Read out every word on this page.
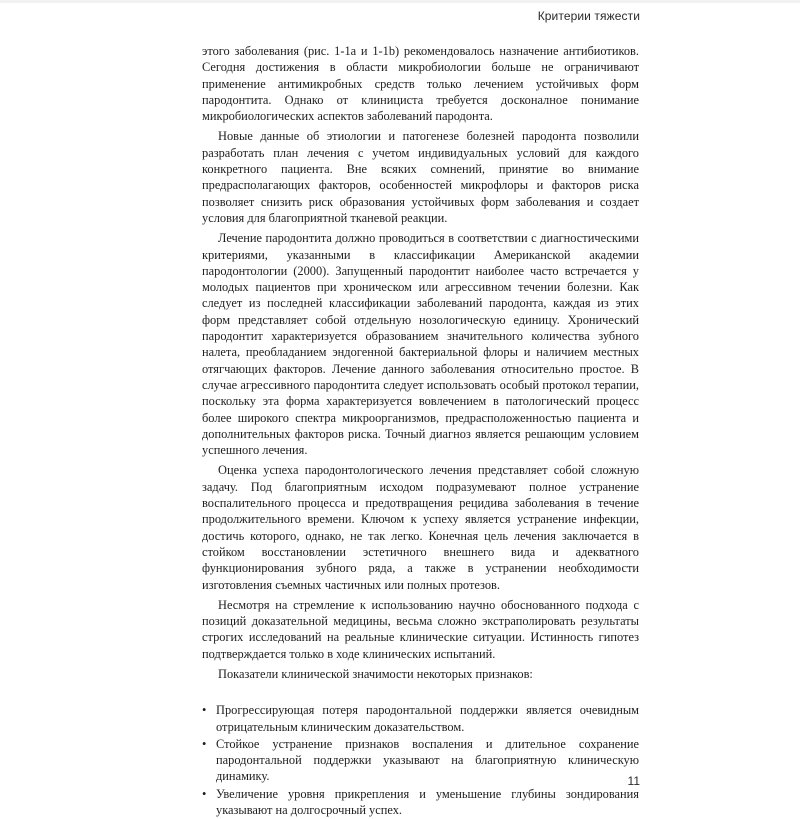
Критерии тяжести

этого заболевания (рис. 1-1a и 1-1b) рекомендовалось назначение антибиотиков. Сегодня достижения в области микробиологии больше не ограничивают применение антимикробных средств только лечением устойчивых форм пародонтита. Однако от клинициста требуется досконалное понимание микробиологических аспектов заболеваний пародонта.

Новые данные об этиологии и патогенезе болезней пародонта позволили разработать план лечения с учетом индивидуальных условий для каждого конкретного пациента. Вне всяких сомнений, принятие во внимание предрасполагающих факторов, особенностей микрофлоры и факторов риска позволяет снизить риск образования устойчивых форм заболевания и создает условия для благоприятной тканевой реакции.

Лечение пародонтита должно проводиться в соответствии с диагностическими критериями, указанными в классификации Американской академии пародонтологии (2000). Запущенный пародонтит наиболее часто встречается у молодых пациентов при хроническом или агрессивном течении болезни. Как следует из последней классификации заболеваний пародонта, каждая из этих форм представляет собой отдельную нозологическую единицу. Хронический пародонтит характеризуется образованием значительного количества зубного налета, преобладанием эндогенной бактериальной флоры и наличием местных отягчающих факторов. Лечение данного заболевания относительно простое. В случае агрессивного пародонтита следует использовать особый протокол терапии, поскольку эта форма характеризуется вовлечением в патологический процесс более широкого спектра микроорганизмов, предрасположенностью пациента и дополнительных факторов риска. Точный диагноз является решающим условием успешного лечения.

Оценка успеха пародонтологического лечения представляет собой сложную задачу. Под благоприятным исходом подразумевают полное устранение воспалительного процесса и предотвращения рецидива заболевания в течение продолжительного времени. Ключом к успеху является устранение инфекции, достичь которого, однако, не так легко. Конечная цель лечения заключается в стойком восстановлении эстетичного внешнего вида и адекватного функционирования зубного ряда, а также в устранении необходимости изготовления съемных частичных или полных протезов.

Несмотря на стремление к использованию научно обоснованного подхода с позиций доказательной медицины, весьма сложно экстраполировать результаты строгих исследований на реальные клинические ситуации. Истинность гипотез подтверждается только в ходе клинических испытаний.

Показатели клинической значимости некоторых признаков:

• Прогрессирующая потеря пародонтальной поддержки является очевидным отрицательным клиническим доказательством.
• Стойкое устранение признаков воспаления и длительное сохранение пародонтальной поддержки указывают на благоприятную клиническую динамику.
• Увеличение уровня прикрепления и уменьшение глубины зондирования указывают на долгосрочный успех.
11
